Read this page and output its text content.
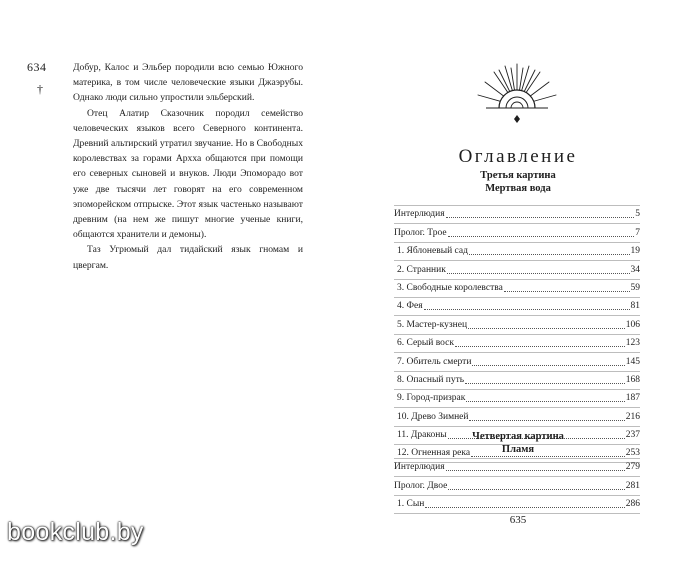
634
†

Добур, Калос и Эльбер породили всю семью Южного материка, в том числе человеческие языки Джаэрубы. Однако люди сильно упростили эльберский.

Отец Алатир Сказочник породил семейство человеческих языков всего Северного континента. Древний альтирский утратил звучание. Но в Свободных королевствах за горами Архха общаются при помощи его северных сыновей и внуков. Люди Эпоморадо вот уже две тысячи лет говорят на его современном эпоморейском отпрыске. Этот язык частенько называют древним (на нем же пишут многие ученые книги, общаются хранители и демоны).

Таз Угрюмый дал тидайский язык гномам и цвергам.

Оглавление
Третья картина
Мертвая вода
Интерлюдия	5
Пролог. Трое	7
1. Яблоневый сад	19
2. Странник	34
3. Свободные королевства	59
4. Фея	81
5. Мастер-кузнец	106
6. Серый воск	123
7. Обитель смерти	145
8. Опасный путь	168
9. Город-призрак	187
10. Древо Зимней	216
11. Драконы	237
12. Огненная река	253
Четвертая картина
Пламя
Интерлюдия	279
Пролог. Двое	281
1. Сын	286
635
bookclub.by
